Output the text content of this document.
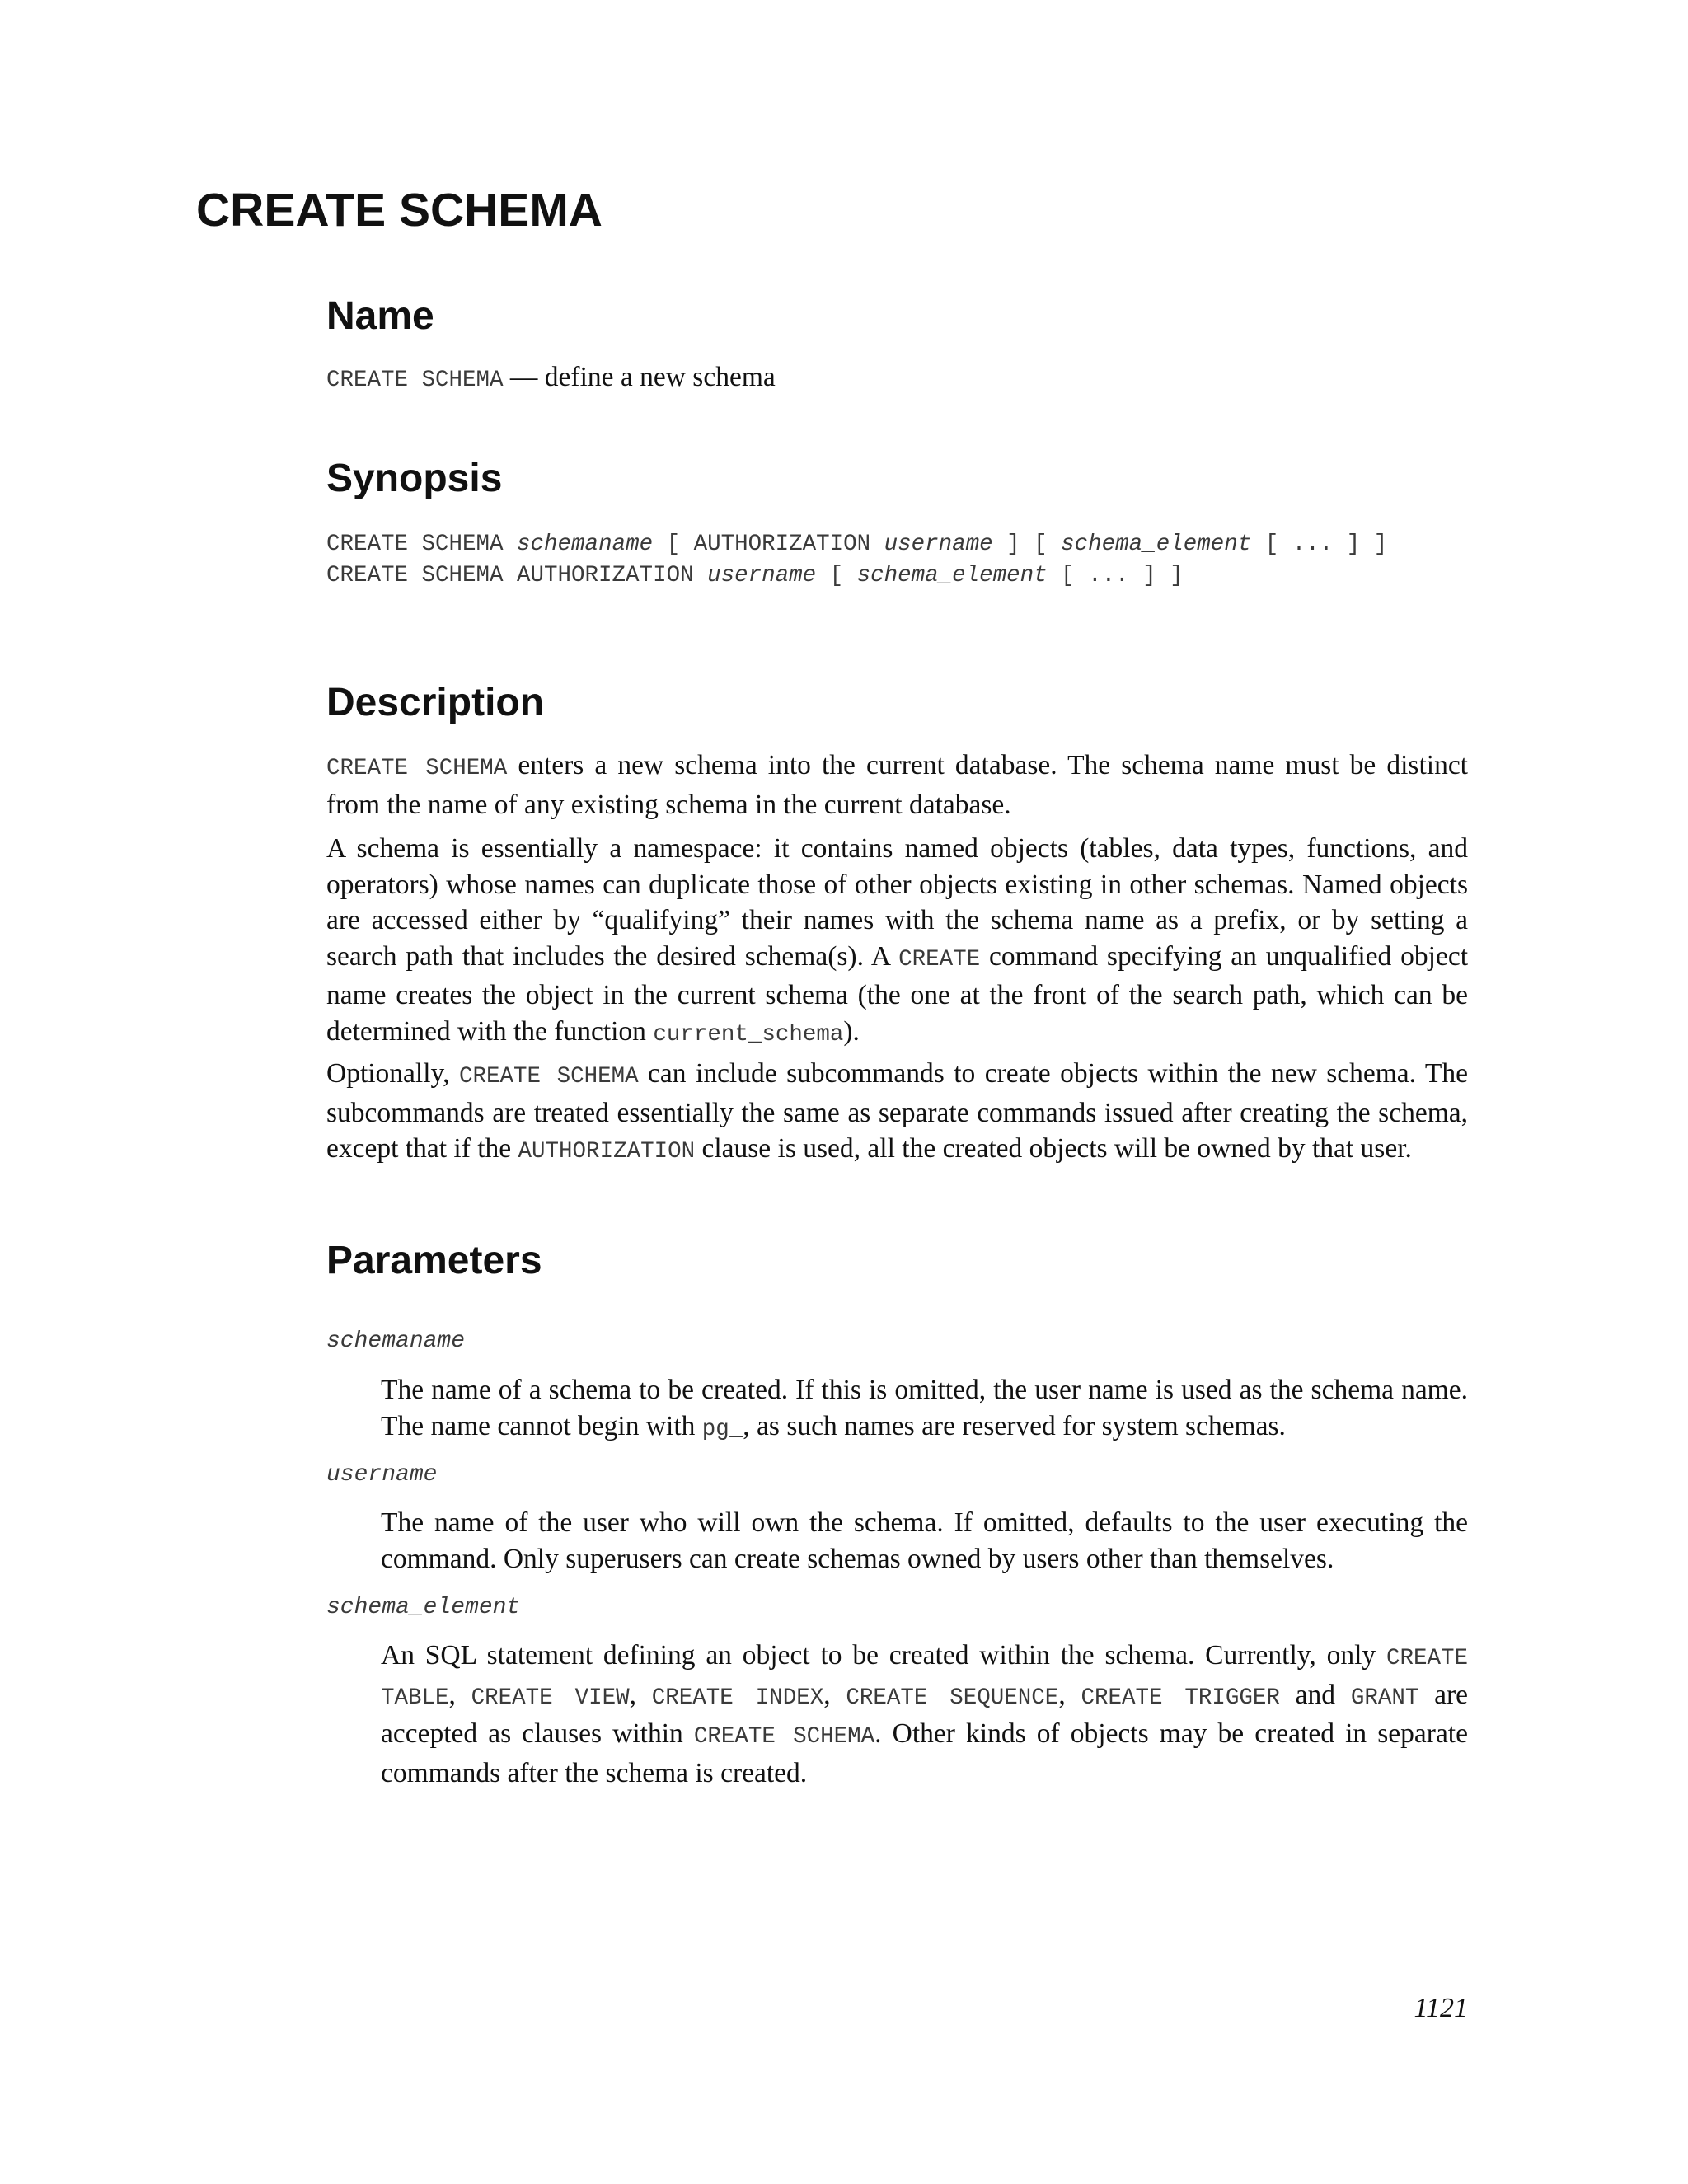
CREATE SCHEMA
Name

CREATE SCHEMA — define a new schema

Synopsis
CREATE SCHEMA schemaname [ AUTHORIZATION username ] [ schema_element [ ... ] ]
CREATE SCHEMA AUTHORIZATION username [ schema_element [ ... ] ]
Description

CREATE SCHEMA enters a new schema into the current database. The schema name must be distinct from the name of any existing schema in the current database.

A schema is essentially a namespace: it contains named objects (tables, data types, functions, and operators) whose names can duplicate those of other objects existing in other schemas. Named objects are accessed either by “qualifying” their names with the schema name as a prefix, or by setting a search path that includes the desired schema(s). A CREATE command specifying an unqualified object name creates the object in the current schema (the one at the front of the search path, which can be determined with the function current_schema).

Optionally, CREATE SCHEMA can include subcommands to create objects within the new schema. The subcommands are treated essentially the same as separate commands issued after creating the schema, except that if the AUTHORIZATION clause is used, all the created objects will be owned by that user.

Parameters
schemaname

The name of a schema to be created. If this is omitted, the user name is used as the schema name. The name cannot begin with pg_, as such names are reserved for system schemas.

username

The name of the user who will own the schema. If omitted, defaults to the user executing the command. Only superusers can create schemas owned by users other than themselves.

schema_element

An SQL statement defining an object to be created within the schema. Currently, only CREATE TABLE, CREATE VIEW, CREATE INDEX, CREATE SEQUENCE, CREATE TRIGGER and GRANT are accepted as clauses within CREATE SCHEMA. Other kinds of objects may be created in separate commands after the schema is created.

1121
